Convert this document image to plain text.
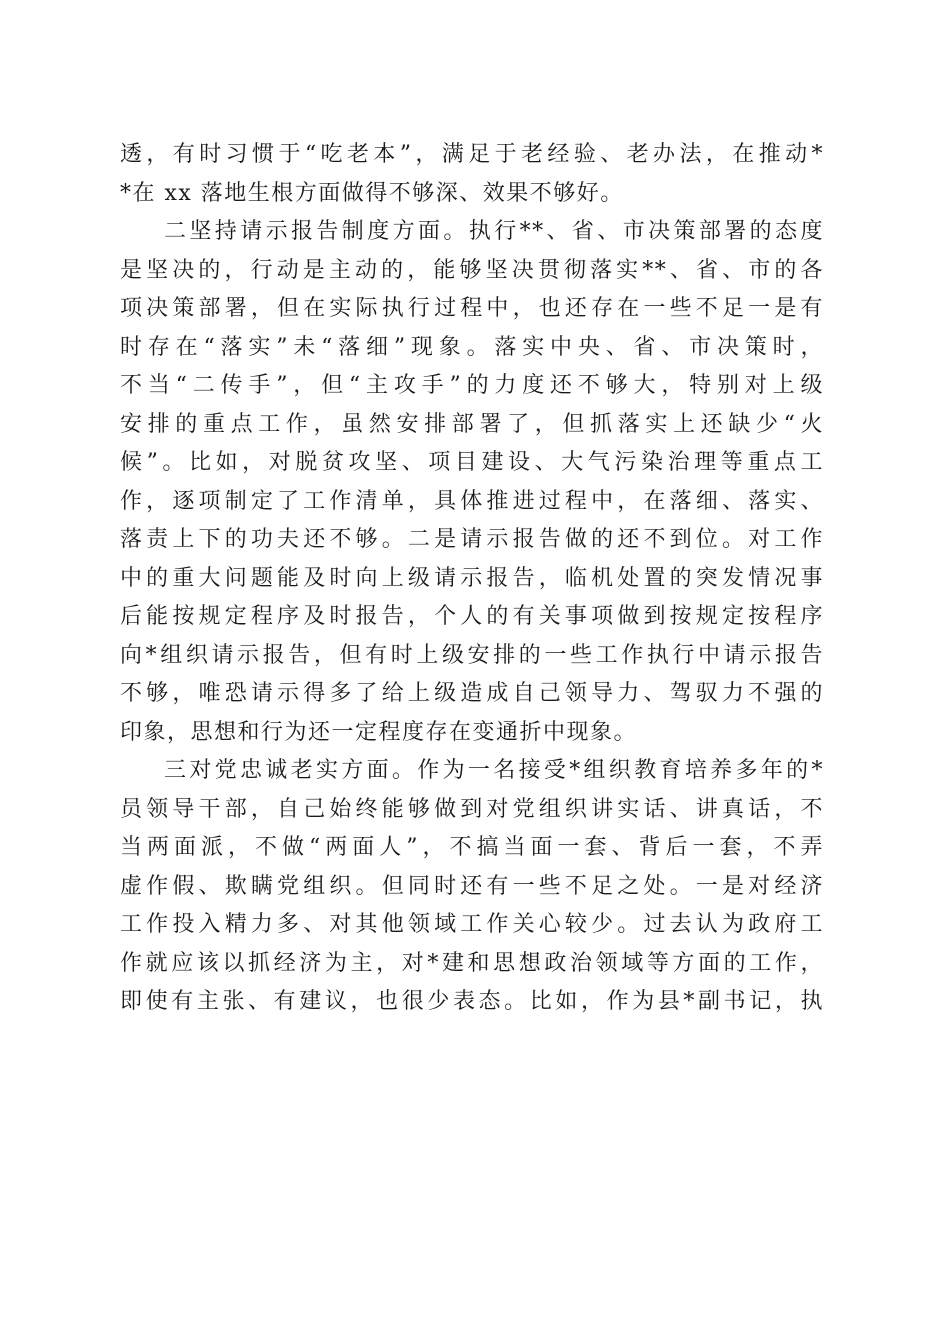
透，有时习惯于“吃老本”，满足于老经验、老办法，在推动*
*在 xx 落地生根方面做得不够深、效果不够好。
二坚持请示报告制度方面。执行**、省、市决策部署的态度
是坚决的，行动是主动的，能够坚决贯彻落实**、省、市的各
项决策部署，但在实际执行过程中，也还存在一些不足一是有
时存在“落实”未“落细”现象。落实中央、省、市决策时，
不当“二传手”，但“主攻手”的力度还不够大，特别对上级
安排的重点工作，虽然安排部署了，但抓落实上还缺少“火
候”。比如，对脱贫攻坚、项目建设、大气污染治理等重点工
作，逐项制定了工作清单，具体推进过程中，在落细、落实、
落责上下的功夫还不够。二是请示报告做的还不到位。对工作
中的重大问题能及时向上级请示报告，临机处置的突发情况事
后能按规定程序及时报告，个人的有关事项做到按规定按程序
向*组织请示报告，但有时上级安排的一些工作执行中请示报告
不够，唯恐请示得多了给上级造成自己领导力、驾驭力不强的
印象，思想和行为还一定程度存在变通折中现象。
三对党忠诚老实方面。作为一名接受*组织教育培养多年的*
员领导干部，自己始终能够做到对党组织讲实话、讲真话，不
当两面派，不做“两面人”，不搞当面一套、背后一套，不弄
虚作假、欺瞒党组织。但同时还有一些不足之处。一是对经济
工作投入精力多、对其他领域工作关心较少。过去认为政府工
作就应该以抓经济为主，对*建和思想政治领域等方面的工作，
即使有主张、有建议，也很少表态。比如，作为县*副书记，执
